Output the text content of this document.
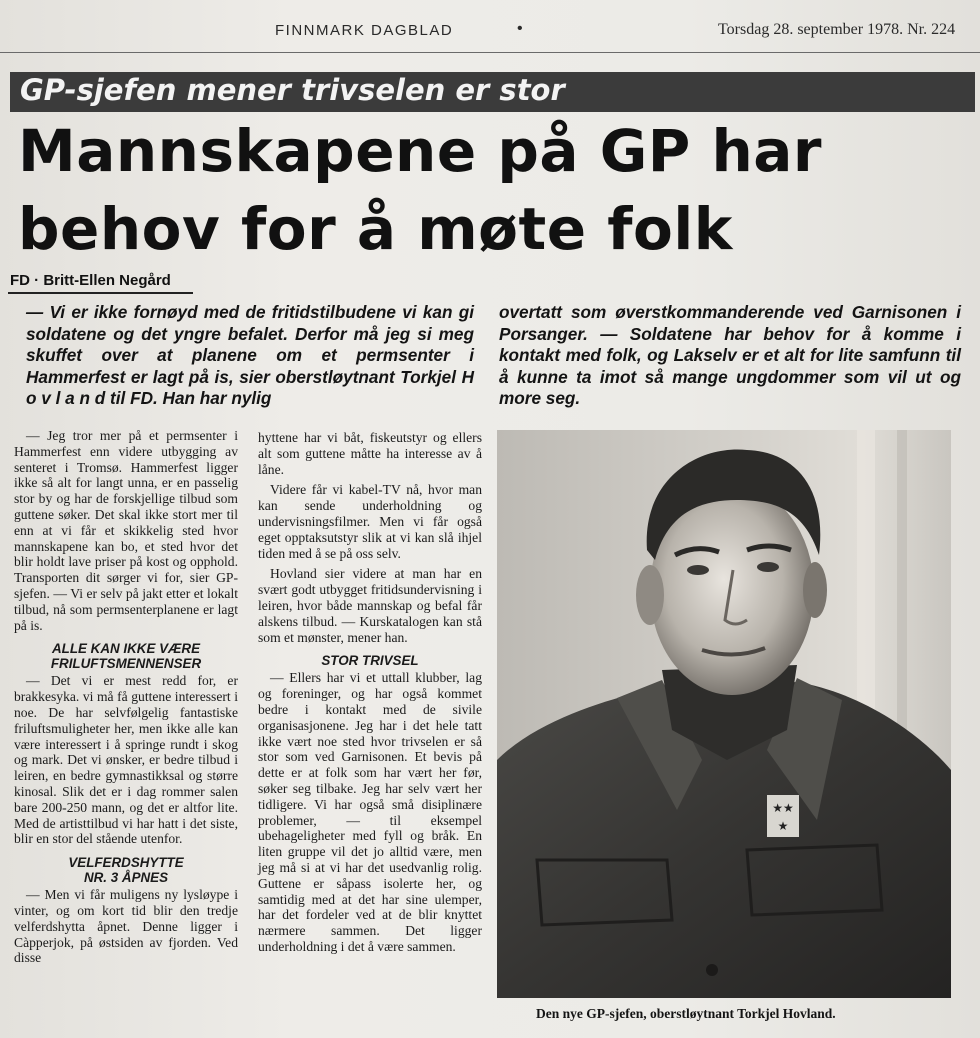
FINNMARK DAGBLAD	•	Torsdag 28. september 1978. Nr. 224
GP-sjefen mener trivselen er stor
Mannskapene på GP har
behov for å møte folk
FD · Britt-Ellen Negård
— Vi er ikke fornøyd med de fritidstilbudene vi kan gi soldatene og det yngre befalet. Derfor må jeg si meg skuffet over at planene om et permsenter i Hammerfest er lagt på is, sier oberstløytnant Torkjel H o v l a n d til FD. Han har nylig
overtatt som øverstkommanderende ved Garnisonen i Porsanger. — Soldatene har behov for å komme i kontakt med folk, og Lakselv er et alt for lite samfunn til å kunne ta imot så mange ungdommer som vil ut og more seg.

— Jeg tror mer på et permsenter i Hammerfest enn videre utbygging av senteret i Tromsø. Hammerfest ligger ikke så alt for langt unna, er en passelig stor by og har de forskjellige tilbud som guttene søker. Det skal ikke stort mer til enn at vi får et skikkelig sted hvor mannskapene kan bo, et sted hvor det blir holdt lave priser på kost og opphold. Transporten dit sørger vi for, sier GP-sjefen. — Vi er selv på jakt etter et lokalt tilbud, nå som permsenterplanene er lagt på is.

ALLE KAN IKKE VÆRE
FRILUFTSMENNENSER

— Det vi er mest redd for, er brakkesyka. vi må få guttene interessert i noe. De har selvfølgelig fantastiske friluftsmuligheter her, men ikke alle kan være interessert i å springe rundt i skog og mark. Det vi ønsker, er bedre tilbud i leiren, en bedre gymnastikksal og større kinosal. Slik det er i dag rommer salen bare 200-250 mann, og det er altfor lite. Med de artisttilbud vi har hatt i det siste, blir en stor del stående utenfor.

VELFERDSHYTTE
NR. 3 ÅPNES

— Men vi får muligens ny lysløype i vinter, og om kort tid blir den tredje velferdshytta åpnet. Denne ligger i Càpperjok, på østsiden av fjorden. Ved disse

hyttene har vi båt, fiskeutstyr og ellers alt som guttene måtte ha interesse av å låne.

Videre får vi kabel-TV nå, hvor man kan sende underholdning og undervisningsfilmer. Men vi får også eget opptaksutstyr slik at vi kan slå ihjel tiden med å se på oss selv.

Hovland sier videre at man har en svært godt utbygget fritidsundervisning i leiren, hvor både mannskap og befal får alskens tilbud. — Kurskatalogen kan stå som et mønster, mener han.

STOR TRIVSEL

— Ellers har vi et uttall klubber, lag og foreninger, og har også kommet bedre i kontakt med de sivile organisasjonene. Jeg har i det hele tatt ikke vært noe sted hvor trivselen er så stor som ved Garnisonen. Et bevis på dette er at folk som har vært her før, søker seg tilbake. Jeg har selv vært her tidligere. Vi har også små disiplinære problemer, — til eksempel ubehageligheter med fyll og bråk. En liten gruppe vil det jo alltid være, men jeg må si at vi har det usedvanlig rolig. Guttene er såpass isolerte her, og samtidig med at det har sine ulemper, har det fordeler ved at de blir knyttet nærmere sammen. Det ligger underholdning i det å være sammen.

★★
★
Den nye GP-sjefen, oberstløytnant Torkjel Hovland.
